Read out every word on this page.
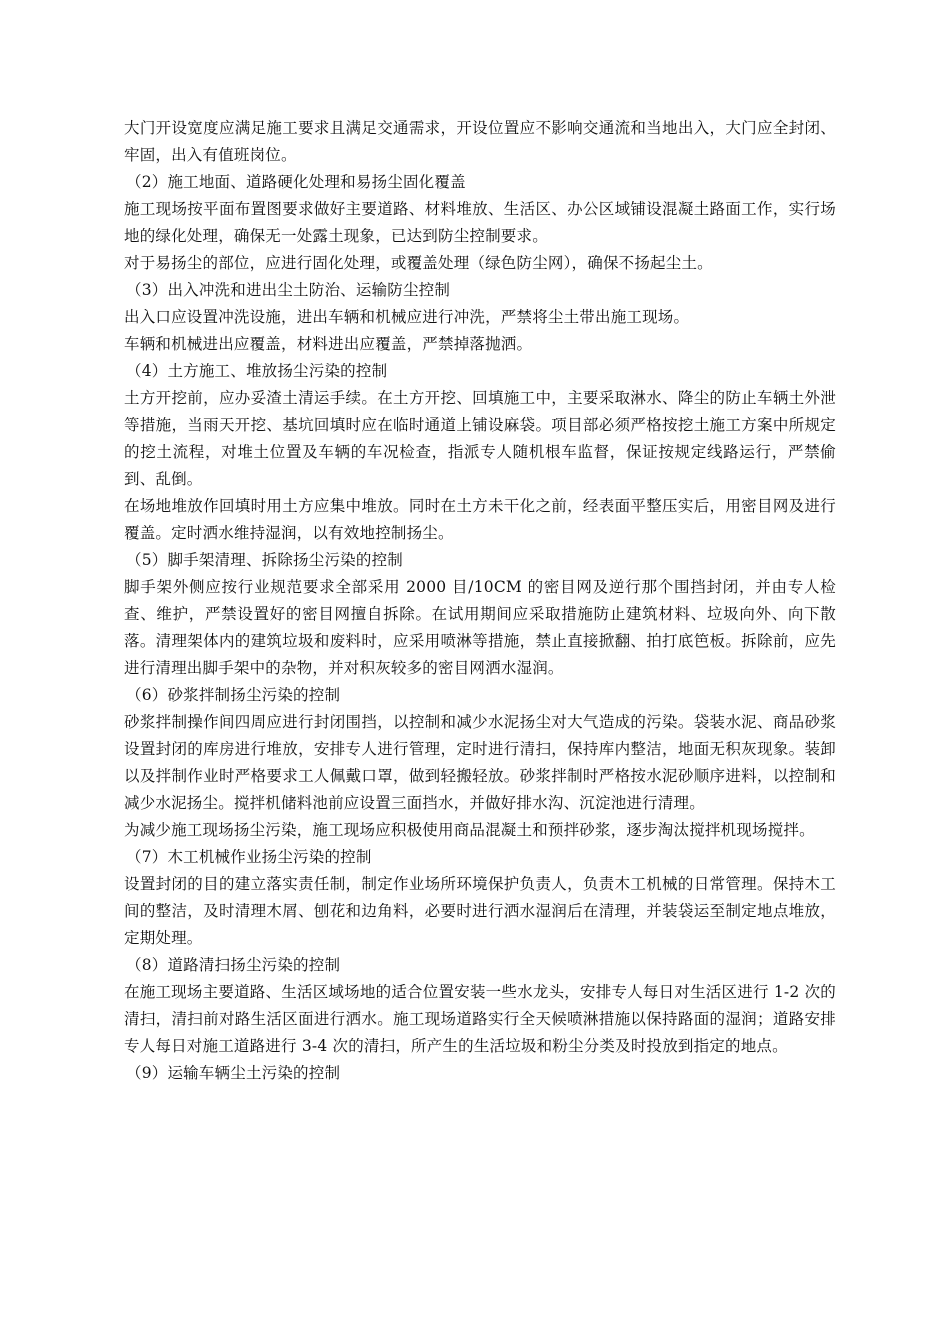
大门开设宽度应满足施工要求且满足交通需求，开设位置应不影响交通流和当地出入，大门应全封闭、牢固，出入有值班岗位。

（2）施工地面、道路硬化处理和易扬尘固化覆盖

施工现场按平面布置图要求做好主要道路、材料堆放、生活区、办公区域铺设混凝土路面工作，实行场地的绿化处理，确保无一处露土现象，已达到防尘控制要求。

对于易扬尘的部位，应进行固化处理，或覆盖处理（绿色防尘网），确保不扬起尘土。

（3）出入冲洗和进出尘土防治、运输防尘控制

出入口应设置冲洗设施，进出车辆和机械应进行冲洗，严禁将尘土带出施工现场。

车辆和机械进出应覆盖，材料进出应覆盖，严禁掉落抛洒。

（4）土方施工、堆放扬尘污染的控制

土方开挖前，应办妥渣土清运手续。在土方开挖、回填施工中，主要采取淋水、降尘的防止车辆土外泄等措施，当雨天开挖、基坑回填时应在临时通道上铺设麻袋。项目部必须严格按挖土施工方案中所规定的挖土流程，对堆土位置及车辆的车况检查，指派专人随机根车监督，保证按规定线路运行，严禁偷到、乱倒。

在场地堆放作回填时用土方应集中堆放。同时在土方未干化之前，经表面平整压实后，用密目网及进行覆盖。定时洒水维持湿润，以有效地控制扬尘。

（5）脚手架清理、拆除扬尘污染的控制

脚手架外侧应按行业规范要求全部采用 2000 目/10CM 的密目网及逆行那个围挡封闭，并由专人检查、维护，严禁设置好的密目网擅自拆除。在试用期间应采取措施防止建筑材料、垃圾向外、向下散落。清理架体内的建筑垃圾和废料时，应采用喷淋等措施，禁止直接掀翻、拍打底笆板。拆除前，应先进行清理出脚手架中的杂物，并对积灰较多的密目网洒水湿润。

（6）砂浆拌制扬尘污染的控制

砂浆拌制操作间四周应进行封闭围挡，以控制和减少水泥扬尘对大气造成的污染。袋装水泥、商品砂浆设置封闭的库房进行堆放，安排专人进行管理，定时进行清扫，保持库内整洁，地面无积灰现象。装卸以及拌制作业时严格要求工人佩戴口罩，做到轻搬轻放。砂浆拌制时严格按水泥砂顺序进料，以控制和减少水泥扬尘。搅拌机储料池前应设置三面挡水，并做好排水沟、沉淀池进行清理。

为减少施工现场扬尘污染，施工现场应积极使用商品混凝土和预拌砂浆，逐步淘汰搅拌机现场搅拌。

（7）木工机械作业扬尘污染的控制

设置封闭的目的建立落实责任制，制定作业场所环境保护负责人，负责木工机械的日常管理。保持木工间的整洁，及时清理木屑、刨花和边角料，必要时进行洒水湿润后在清理，并装袋运至制定地点堆放，定期处理。

（8）道路清扫扬尘污染的控制

在施工现场主要道路、生活区域场地的适合位置安装一些水龙头，安排专人每日对生活区进行 1-2 次的清扫，清扫前对路生活区面进行洒水。施工现场道路实行全天候喷淋措施以保持路面的湿润；道路安排专人每日对施工道路进行 3-4 次的清扫，所产生的生活垃圾和粉尘分类及时投放到指定的地点。

（9）运输车辆尘土污染的控制
